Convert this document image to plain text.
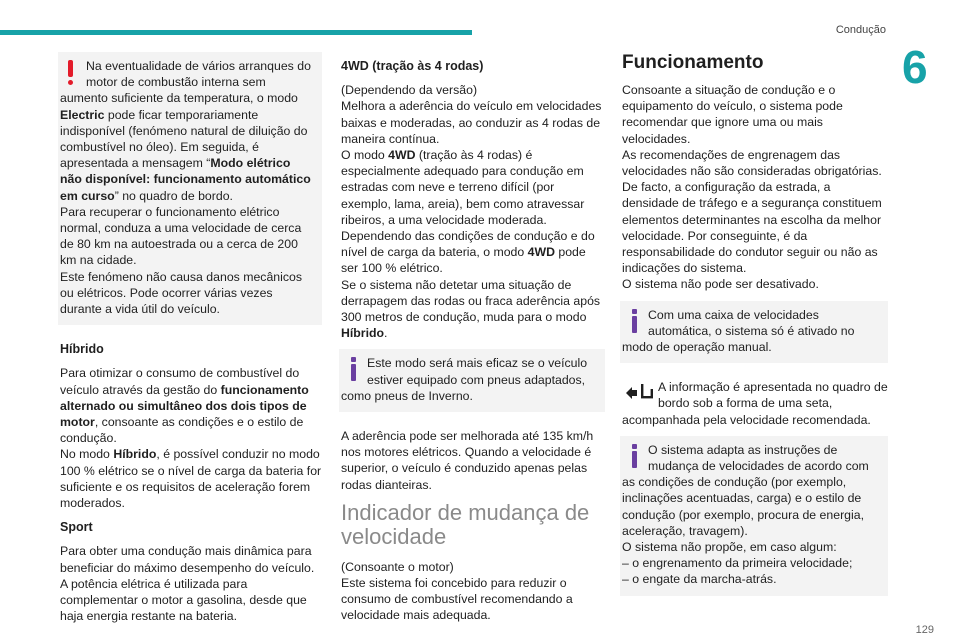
Condução
6

Na eventualidade de vários arranques do motor de combustão interna sem aumento suficiente da temperatura, o modo Electric pode ficar temporariamente indisponível (fenómeno natural de diluição do combustível no óleo). Em seguida, é apresentada a mensagem “Modo elétrico não disponível: funcionamento automático em curso” no quadro de bordo.

Para recuperar o funcionamento elétrico normal, conduza a uma velocidade de cerca de 80 km na autoestrada ou a cerca de 200 km na cidade.

Este fenómeno não causa danos mecânicos ou elétricos. Pode ocorrer várias vezes durante a vida útil do veículo.

Híbrido

Para otimizar o consumo de combustível do veículo através da gestão do funcionamento alternado ou simultâneo dos dois tipos de motor, consoante as condições e o estilo de condução.

No modo Híbrido, é possível conduzir no modo 100 % elétrico se o nível de carga da bateria for suficiente e os requisitos de aceleração forem moderados.

Sport

Para obter uma condução mais dinâmica para beneficiar do máximo desempenho do veículo.

A potência elétrica é utilizada para complementar o motor a gasolina, desde que haja energia restante na bateria.

4WD (tração às 4 rodas)

(Dependendo da versão)

Melhora a aderência do veículo em velocidades baixas e moderadas, ao conduzir as 4 rodas de maneira contínua.

O modo 4WD (tração às 4 rodas) é especialmente adequado para condução em estradas com neve e terreno difícil (por exemplo, lama, areia), bem como atravessar ribeiros, a uma velocidade moderada.

Dependendo das condições de condução e do nível de carga da bateria, o modo 4WD pode ser 100 % elétrico.

Se o sistema não detetar uma situação de derrapagem das rodas ou fraca aderência após 300 metros de condução, muda para o modo Híbrido.

Este modo será mais eficaz se o veículo estiver equipado com pneus adaptados, como pneus de Inverno.

A aderência pode ser melhorada até 135 km/h nos motores elétricos. Quando a velocidade é superior, o veículo é conduzido apenas pelas rodas dianteiras.

Indicador de mudança de velocidade

(Consoante o motor)

Este sistema foi concebido para reduzir o consumo de combustível recomendando a velocidade mais adequada.

Funcionamento

Consoante a situação de condução e o equipamento do veículo, o sistema pode recomendar que ignore uma ou mais velocidades.

As recomendações de engrenagem das velocidades não são consideradas obrigatórias. De facto, a configuração da estrada, a densidade de tráfego e a segurança constituem elementos determinantes na escolha da melhor velocidade. Por conseguinte, é da responsabilidade do condutor seguir ou não as indicações do sistema.

O sistema não pode ser desativado.

Com uma caixa de velocidades automática, o sistema só é ativado no modo de operação manual.

A informação é apresentada no quadro de bordo sob a forma de uma seta, acompanhada pela velocidade recomendada.

O sistema adapta as instruções de mudança de velocidades de acordo com as condições de condução (por exemplo, inclinações acentuadas, carga) e o estilo de condução (por exemplo, procura de energia, aceleração, travagem).

O sistema não propõe, em caso algum:

– o engrenamento da primeira velocidade;

– o engate da marcha-atrás.

129
